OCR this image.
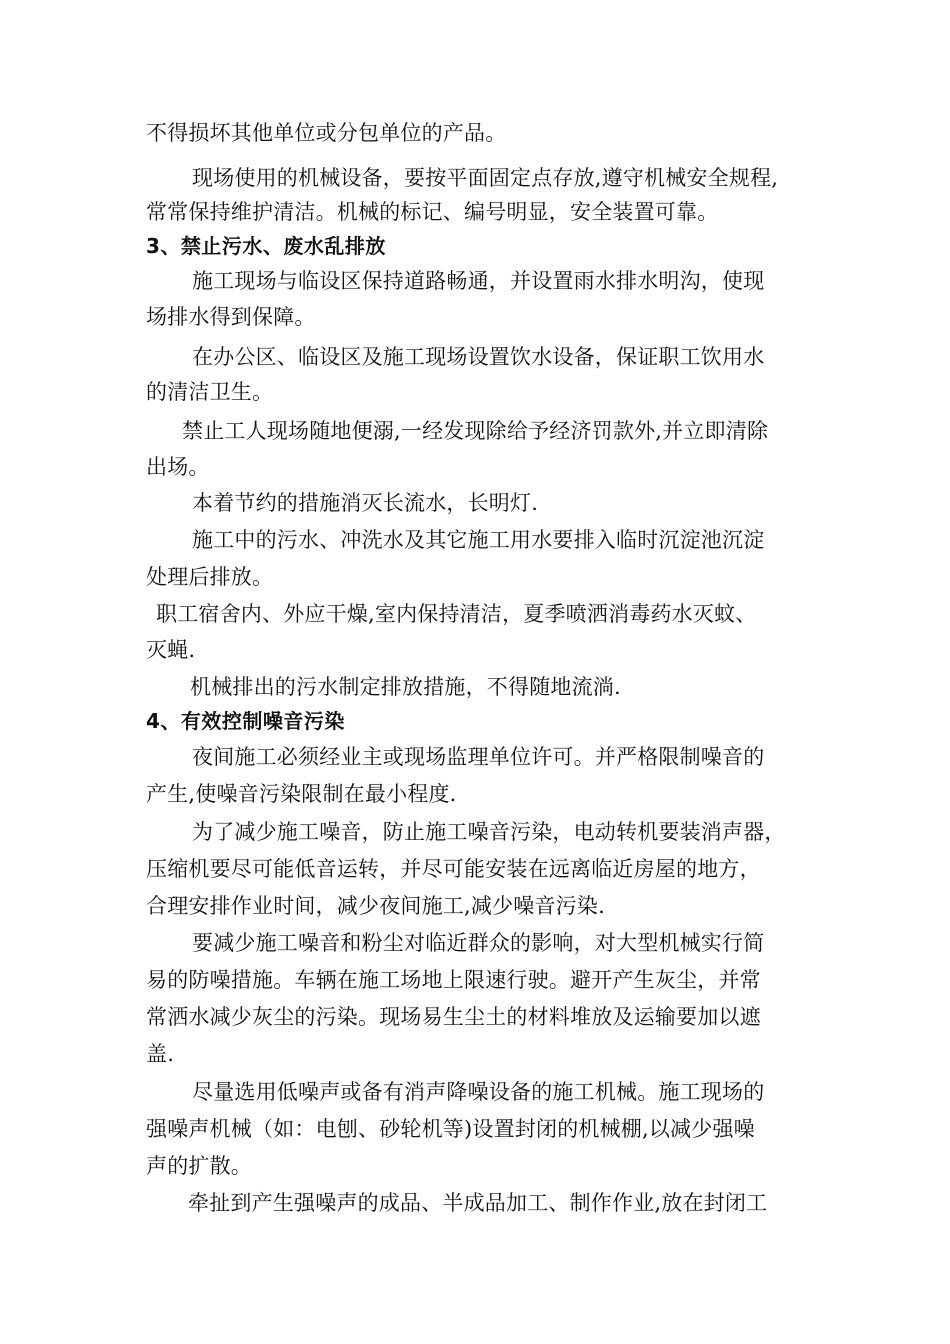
不得损坏其他单位或分包单位的产品。
现场使用的机械设备，要按平面固定点存放,遵守机械安全规程,
常常保持维护清洁。机械的标记、编号明显，安全装置可靠。
3、禁止污水、废水乱排放
施工现场与临设区保持道路畅通，并设置雨水排水明沟，使现
场排水得到保障。
在办公区、临设区及施工现场设置饮水设备，保证职工饮用水
的清洁卫生。
禁止工人现场随地便溺,一经发现除给予经济罚款外,并立即清除
出场。
本着节约的措施消灭长流水，长明灯.
施工中的污水、冲洗水及其它施工用水要排入临时沉淀池沉淀
处理后排放。
职工宿舍内、外应干燥,室内保持清洁，夏季喷洒消毒药水灭蚊、
灭蝇.
机械排出的污水制定排放措施，不得随地流淌.
4、有效控制噪音污染
夜间施工必须经业主或现场监理单位许可。并严格限制噪音的
产生,使噪音污染限制在最小程度.
为了减少施工噪音，防止施工噪音污染，电动转机要装消声器，
压缩机要尽可能低音运转，并尽可能安装在远离临近房屋的地方，
合理安排作业时间，减少夜间施工,减少噪音污染.
要减少施工噪音和粉尘对临近群众的影响，对大型机械实行简
易的防噪措施。车辆在施工场地上限速行驶。避开产生灰尘，并常
常洒水减少灰尘的污染。现场易生尘土的材料堆放及运输要加以遮
盖.
尽量选用低噪声或备有消声降噪设备的施工机械。施工现场的
强噪声机械（如：电刨、砂轮机等)设置封闭的机械棚,以减少强噪
声的扩散。
牵扯到产生强噪声的成品、半成品加工、制作作业,放在封闭工
